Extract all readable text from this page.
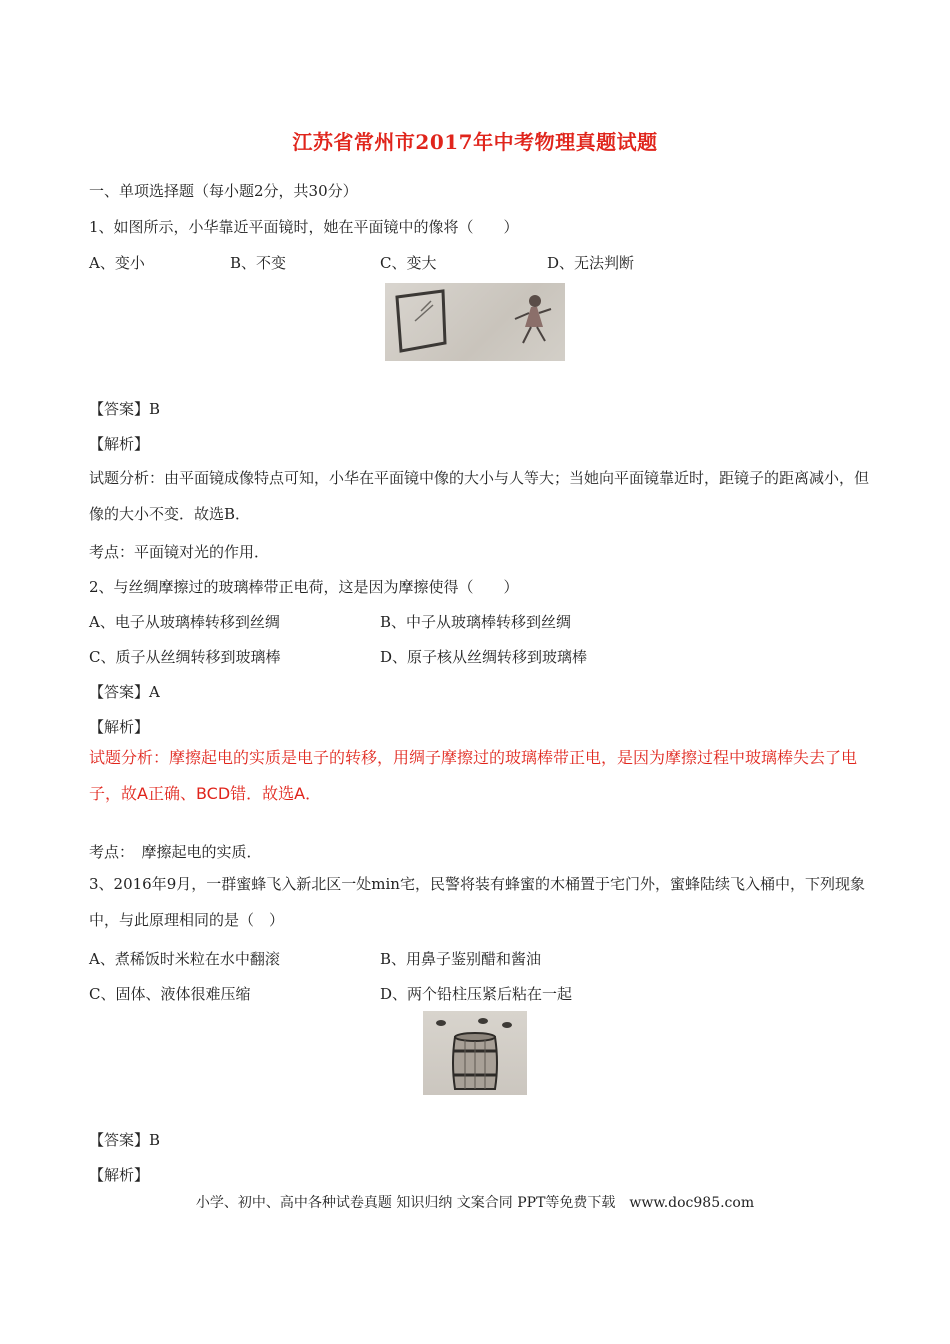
江苏省常州市2017年中考物理真题试题
一、单项选择题（每小题2分，共30分）
1、如图所示，小华靠近平面镜时，她在平面镜中的像将（　　）
A、变小	B、不变	C、变大	D、无法判断
【答案】B
【解析】
试题分析：由平面镜成像特点可知，小华在平面镜中像的大小与人等大；当她向平面镜靠近时，距镜子的距离减小，但像的大小不变．故选B．
考点：平面镜对光的作用．
2、与丝绸摩擦过的玻璃棒带正电荷，这是因为摩擦使得（　　）
A、电子从玻璃棒转移到丝绸	B、中子从玻璃棒转移到丝绸
C、质子从丝绸转移到玻璃棒	D、原子核从丝绸转移到玻璃棒
【答案】A
【解析】
试题分析：摩擦起电的实质是电子的转移，用绸子摩擦过的玻璃棒带正电，是因为摩擦过程中玻璃棒失去了电子，故A正确、BCD错．故选A．
考点：　摩擦起电的实质．
3、2016年9月，一群蜜蜂飞入新北区一处min宅，民警将装有蜂蜜的木桶置于宅门外，蜜蜂陆续飞入桶中，下列现象中，与此原理相同的是（　）
A、煮稀饭时米粒在水中翻滚	B、用鼻子鉴别醋和酱油
C、固体、液体很难压缩	D、两个铅柱压紧后粘在一起
【答案】B
【解析】
小学、初中、高中各种试卷真题 知识归纳 文案合同 PPT等免费下载　www.doc985.com
